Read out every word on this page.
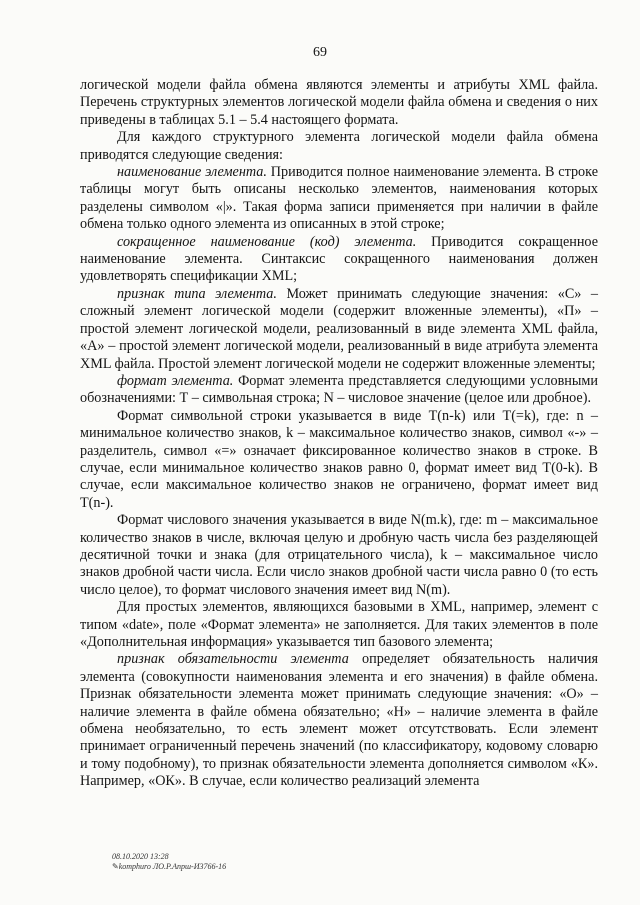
69

логической модели файла обмена являются элементы и атрибуты XML файла. Перечень структурных элементов логической модели файла обмена и сведения о них приведены в таблицах 5.1 – 5.4 настоящего формата.

Для каждого структурного элемента логической модели файла обмена приводятся следующие сведения:

наименование элемента. Приводится полное наименование элемента. В строке таблицы могут быть описаны несколько элементов, наименования которых разделены символом «|». Такая форма записи применяется при наличии в файле обмена только одного элемента из описанных в этой строке;

сокращенное наименование (код) элемента. Приводится сокращенное наименование элемента. Синтаксис сокращенного наименования должен удовлетворять спецификации XML;

признак типа элемента. Может принимать следующие значения: «С» – сложный элемент логической модели (содержит вложенные элементы), «П» – простой элемент логической модели, реализованный в виде элемента XML файла, «А» – простой элемент логической модели, реализованный в виде атрибута элемента XML файла. Простой элемент логической модели не содержит вложенные элементы;

формат элемента. Формат элемента представляется следующими условными обозначениями: Т – символьная строка; N – числовое значение (целое или дробное).

Формат символьной строки указывается в виде Т(n-k) или Т(=k), где: n – минимальное количество знаков, k – максимальное количество знаков, символ «-» – разделитель, символ «=» означает фиксированное количество знаков в строке. В случае, если минимальное количество знаков равно 0, формат имеет вид Т(0-k). В случае, если максимальное количество знаков не ограничено, формат имеет вид Т(n-).

Формат числового значения указывается в виде N(m.k), где: m – максимальное количество знаков в числе, включая целую и дробную часть числа без разделяющей десятичной точки и знака (для отрицательного числа), k – максимальное число знаков дробной части числа. Если число знаков дробной части числа равно 0 (то есть число целое), то формат числового значения имеет вид N(m).

Для простых элементов, являющихся базовыми в XML, например, элемент с типом «date», поле «Формат элемента» не заполняется. Для таких элементов в поле «Дополнительная информация» указывается тип базового элемента;

признак обязательности элемента определяет обязательность наличия элемента (совокупности наименования элемента и его значения) в файле обмена. Признак обязательности элемента может принимать следующие значения: «О» – наличие элемента в файле обмена обязательно; «Н» – наличие элемента в файле обмена необязательно, то есть элемент может отсутствовать. Если элемент принимает ограниченный перечень значений (по классификатору, кодовому словарю и тому подобному), то признак обязательности элемента дополняется символом «К». Например, «ОК». В случае, если количество реализаций элемента

08.10.2020 13:28
✎komphuro ЛО.Р.Апрш-И3766-16
